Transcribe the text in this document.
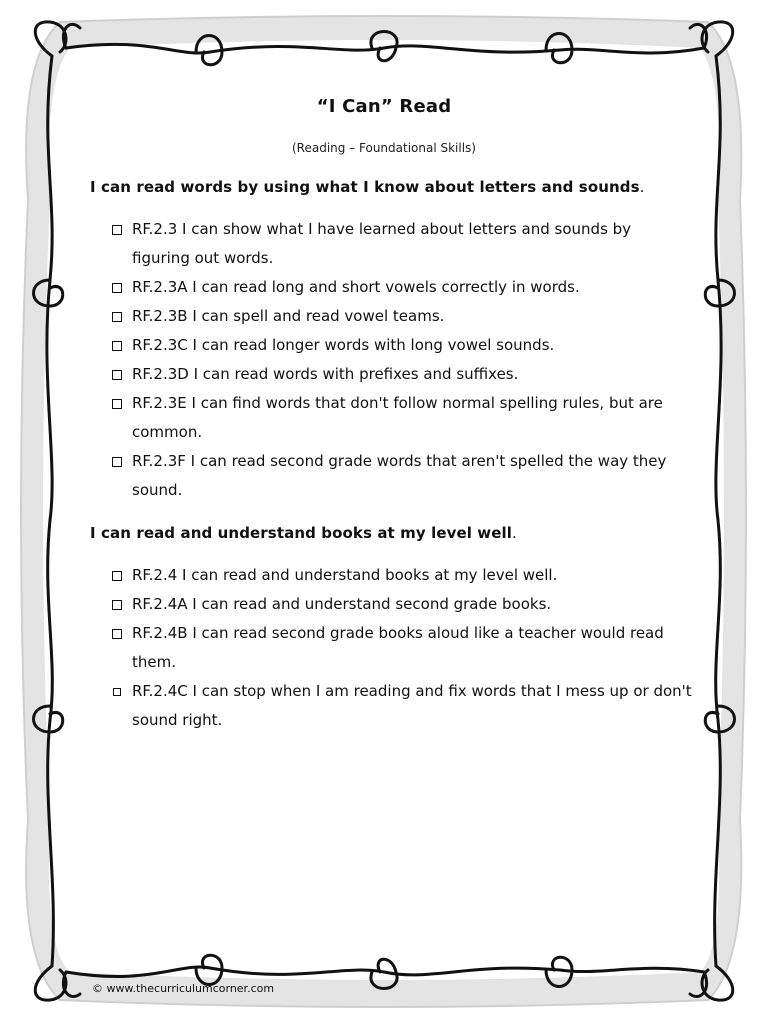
“I Can” Read
(Reading – Foundational Skills)
I can read words by using what I know about letters and sounds.
RF.2.3 I can show what I have learned about letters and sounds by figuring out words.
RF.2.3A I can read long and short vowels correctly in words.
RF.2.3B I can spell and read vowel teams.
RF.2.3C I can read longer words with long vowel sounds.
RF.2.3D I can read words with prefixes and suffixes.
RF.2.3E I can find words that don't follow normal spelling rules, but are common.
RF.2.3F I can read second grade words that aren't spelled the way they sound.
I can read and understand books at my level well.
RF.2.4 I can read and understand books at my level well.
RF.2.4A I can read and understand second grade books.
RF.2.4B I can read second grade books aloud like a teacher would read them.
RF.2.4C I can stop when I am reading and fix words that I mess up or don't sound right.
© www.thecurriculumcorner.com
